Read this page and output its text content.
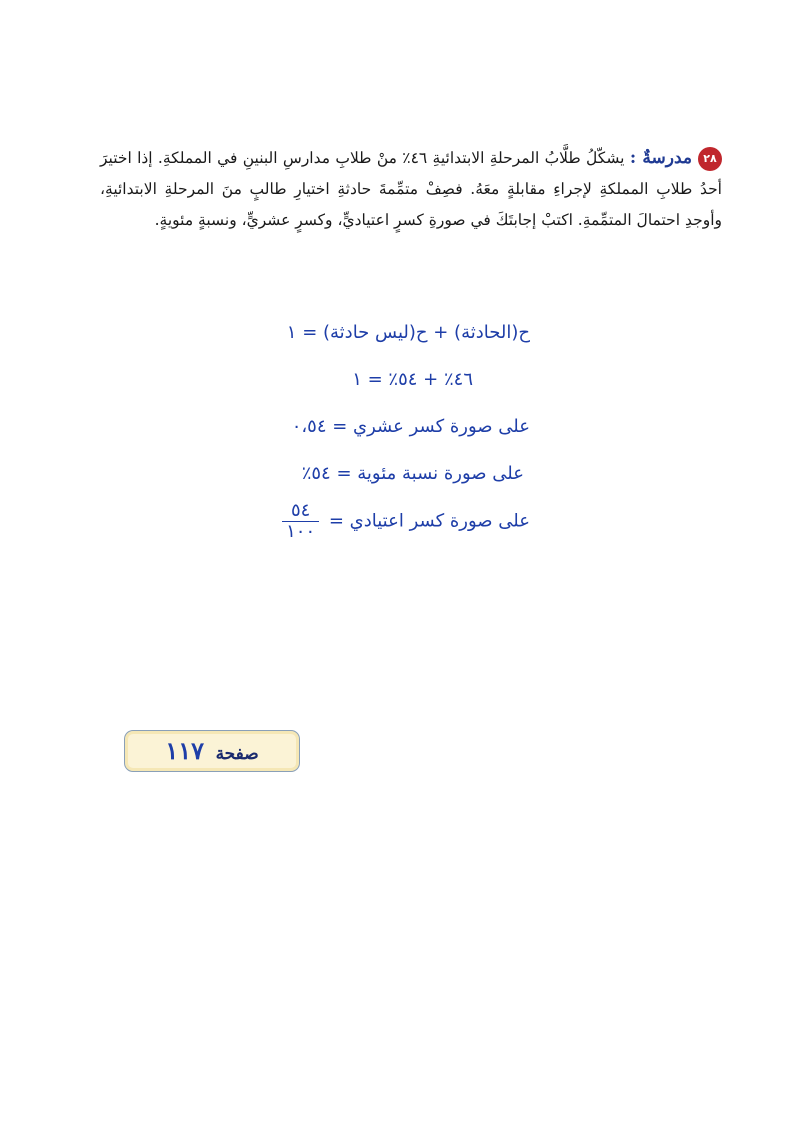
٢٨مدرسةٌ : يشكّلُ طلَّابُ المرحلةِ الابتدائيةِ ٤٦٪ منْ طلابِ مدارسِ البنينِ في المملكةِ. إذا اختيرَ أحدُ طلابِ المملكةِ لإجراءِ مقابلةٍ معَهُ. فصِفْ متمِّمةَ حادثةِ اختيارِ طالبٍ منَ المرحلةِ الابتدائيةِ، وأوجدِ احتمالَ المتمِّمةِ. اكتبْ إجابتَكَ في صورةِ كسرٍ اعتياديٍّ، وكسرٍ عشريٍّ، ونسبةٍ مئويةٍ.
ح(الحادثة) + ح(ليس حادثة) = ١
٤٦٪ + ٥٤٪ = ١
على صورة كسر عشري = ٠،٥٤
على صورة نسبة مئوية = ٥٤٪
على صورة كسر اعتيادي =
$\frac{٥٤}{١٠٠}$
صفحة ١١٧
